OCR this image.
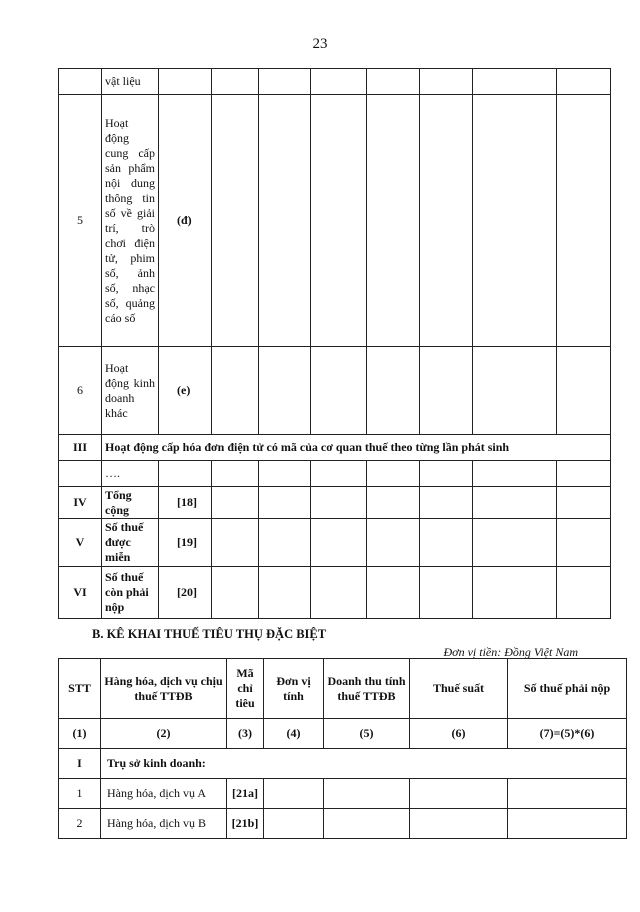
23
	vật liệu								
5	Hoạt động cung cấp sản phẩm nội dung thông tin số về giải trí, trò chơi điện tử, phim số, ảnh số, nhạc số, quảng cáo số	(đ)							
6	Hoạt động kinh doanh khác	(e)							
III	Hoạt động cấp hóa đơn điện tử có mã của cơ quan thuế theo từng lần phát sinh								
	….								
IV	Tổng cộng	[18]							
V	Số thuế được miễn	[19]							
VI	Số thuế còn phải nộp	[20]							
B. KÊ KHAI THUẾ TIÊU THỤ ĐẶC BIỆT
Đơn vị tiền: Đồng Việt Nam
STT	Hàng hóa, dịch vụ chịu thuế TTĐB	Mã chỉ tiêu	Đơn vị tính	Doanh thu tính thuế TTĐB	Thuế suất	Số thuế phải nộp
(1)	(2)	(3)	(4)	(5)	(6)	(7)=(5)*(6)
I	Trụ sở kinh doanh:					
1	Hàng hóa, dịch vụ A	[21a]				
2	Hàng hóa, dịch vụ B	[21b]				
